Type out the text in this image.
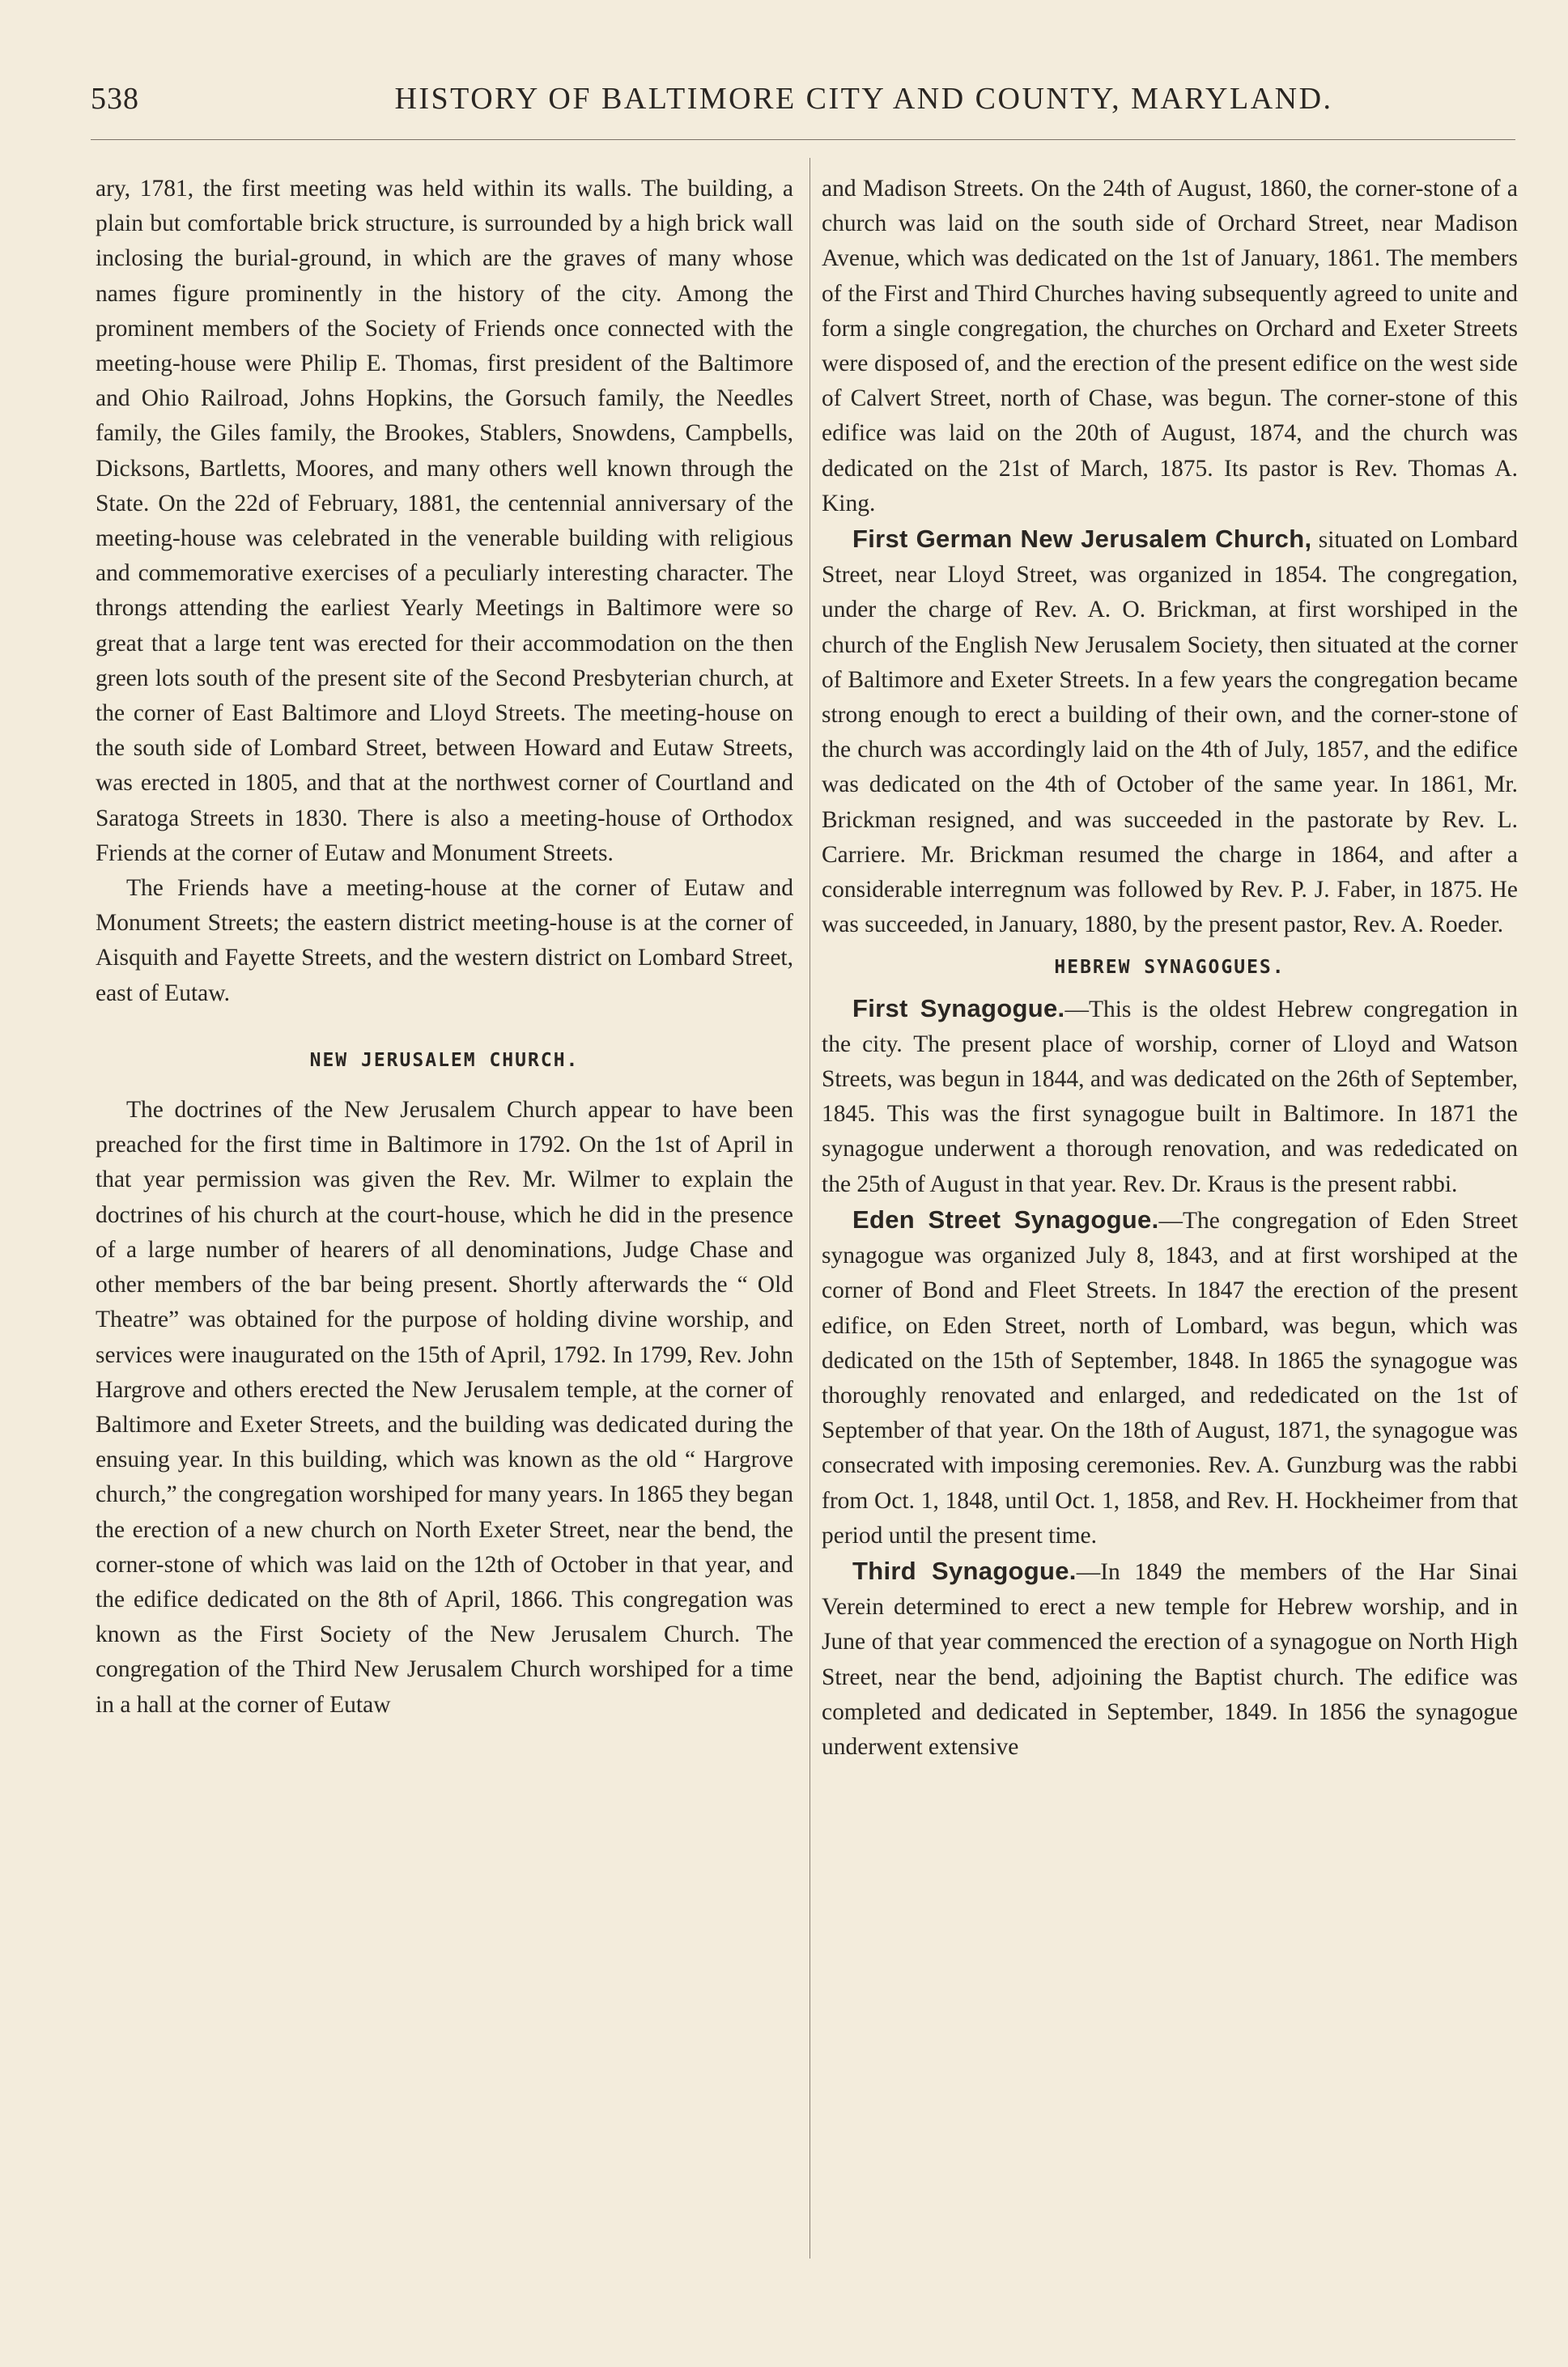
538	HISTORY OF BALTIMORE CITY AND COUNTY, MARYLAND.

ary, 1781, the first meeting was held within its walls. The building, a plain but comfortable brick structure, is surrounded by a high brick wall inclosing the burial-ground, in which are the graves of many whose names figure prominently in the history of the city. Among the prominent members of the Society of Friends once connected with the meeting-house were Philip E. Thomas, first president of the Baltimore and Ohio Railroad, Johns Hopkins, the Gorsuch family, the Needles family, the Giles family, the Brookes, Stablers, Snowdens, Campbells, Dicksons, Bartletts, Moores, and many others well known through the State. On the 22d of February, 1881, the centennial anniversary of the meeting-house was celebrated in the venerable building with religious and commemorative exercises of a peculiarly interesting character. The throngs attending the earliest Yearly Meetings in Baltimore were so great that a large tent was erected for their accommodation on the then green lots south of the present site of the Second Presbyterian church, at the corner of East Baltimore and Lloyd Streets. The meeting-house on the south side of Lombard Street, between Howard and Eutaw Streets, was erected in 1805, and that at the northwest corner of Courtland and Saratoga Streets in 1830. There is also a meeting-house of Orthodox Friends at the corner of Eutaw and Monument Streets.

The Friends have a meeting-house at the corner of Eutaw and Monument Streets; the eastern district meeting-house is at the corner of Aisquith and Fayette Streets, and the western district on Lombard Street, east of Eutaw.

NEW JERUSALEM CHURCH.

The doctrines of the New Jerusalem Church appear to have been preached for the first time in Baltimore in 1792. On the 1st of April in that year permission was given the Rev. Mr. Wilmer to explain the doctrines of his church at the court-house, which he did in the presence of a large number of hearers of all denominations, Judge Chase and other members of the bar being present. Shortly afterwards the “ Old Theatre” was obtained for the purpose of holding divine worship, and services were inaugurated on the 15th of April, 1792. In 1799, Rev. John Hargrove and others erected the New Jerusalem temple, at the corner of Baltimore and Exeter Streets, and the building was dedicated during the ensuing year. In this building, which was known as the old “ Hargrove church,” the congregation worshiped for many years. In 1865 they began the erection of a new church on North Exeter Street, near the bend, the corner-stone of which was laid on the 12th of October in that year, and the edifice dedicated on the 8th of April, 1866. This congregation was known as the First Society of the New Jerusalem Church. The congregation of the Third New Jerusalem Church worshiped for a time in a hall at the corner of Eutaw

and Madison Streets. On the 24th of August, 1860, the corner-stone of a church was laid on the south side of Orchard Street, near Madison Avenue, which was dedicated on the 1st of January, 1861. The members of the First and Third Churches having subsequently agreed to unite and form a single congregation, the churches on Orchard and Exeter Streets were disposed of, and the erection of the present edifice on the west side of Calvert Street, north of Chase, was begun. The corner-stone of this edifice was laid on the 20th of August, 1874, and the church was dedicated on the 21st of March, 1875. Its pastor is Rev. Thomas A. King.

First German New Jerusalem Church, situated on Lombard Street, near Lloyd Street, was organized in 1854. The congregation, under the charge of Rev. A. O. Brickman, at first worshiped in the church of the English New Jerusalem Society, then situated at the corner of Baltimore and Exeter Streets. In a few years the congregation became strong enough to erect a building of their own, and the corner-stone of the church was accordingly laid on the 4th of July, 1857, and the edifice was dedicated on the 4th of October of the same year. In 1861, Mr. Brickman resigned, and was succeeded in the pastorate by Rev. L. Carriere. Mr. Brickman resumed the charge in 1864, and after a considerable interregnum was followed by Rev. P. J. Faber, in 1875. He was succeeded, in January, 1880, by the present pastor, Rev. A. Roeder.

HEBREW SYNAGOGUES.

First Synagogue.—This is the oldest Hebrew congregation in the city. The present place of worship, corner of Lloyd and Watson Streets, was begun in 1844, and was dedicated on the 26th of September, 1845. This was the first synagogue built in Baltimore. In 1871 the synagogue underwent a thorough renovation, and was rededicated on the 25th of August in that year. Rev. Dr. Kraus is the present rabbi.

Eden Street Synagogue.—The congregation of Eden Street synagogue was organized July 8, 1843, and at first worshiped at the corner of Bond and Fleet Streets. In 1847 the erection of the present edifice, on Eden Street, north of Lombard, was begun, which was dedicated on the 15th of September, 1848. In 1865 the synagogue was thoroughly renovated and enlarged, and rededicated on the 1st of September of that year. On the 18th of August, 1871, the synagogue was consecrated with imposing ceremonies. Rev. A. Gunzburg was the rabbi from Oct. 1, 1848, until Oct. 1, 1858, and Rev. H. Hockheimer from that period until the present time.

Third Synagogue.—In 1849 the members of the Har Sinai Verein determined to erect a new temple for Hebrew worship, and in June of that year commenced the erection of a synagogue on North High Street, near the bend, adjoining the Baptist church. The edifice was completed and dedicated in September, 1849. In 1856 the synagogue underwent extensive
